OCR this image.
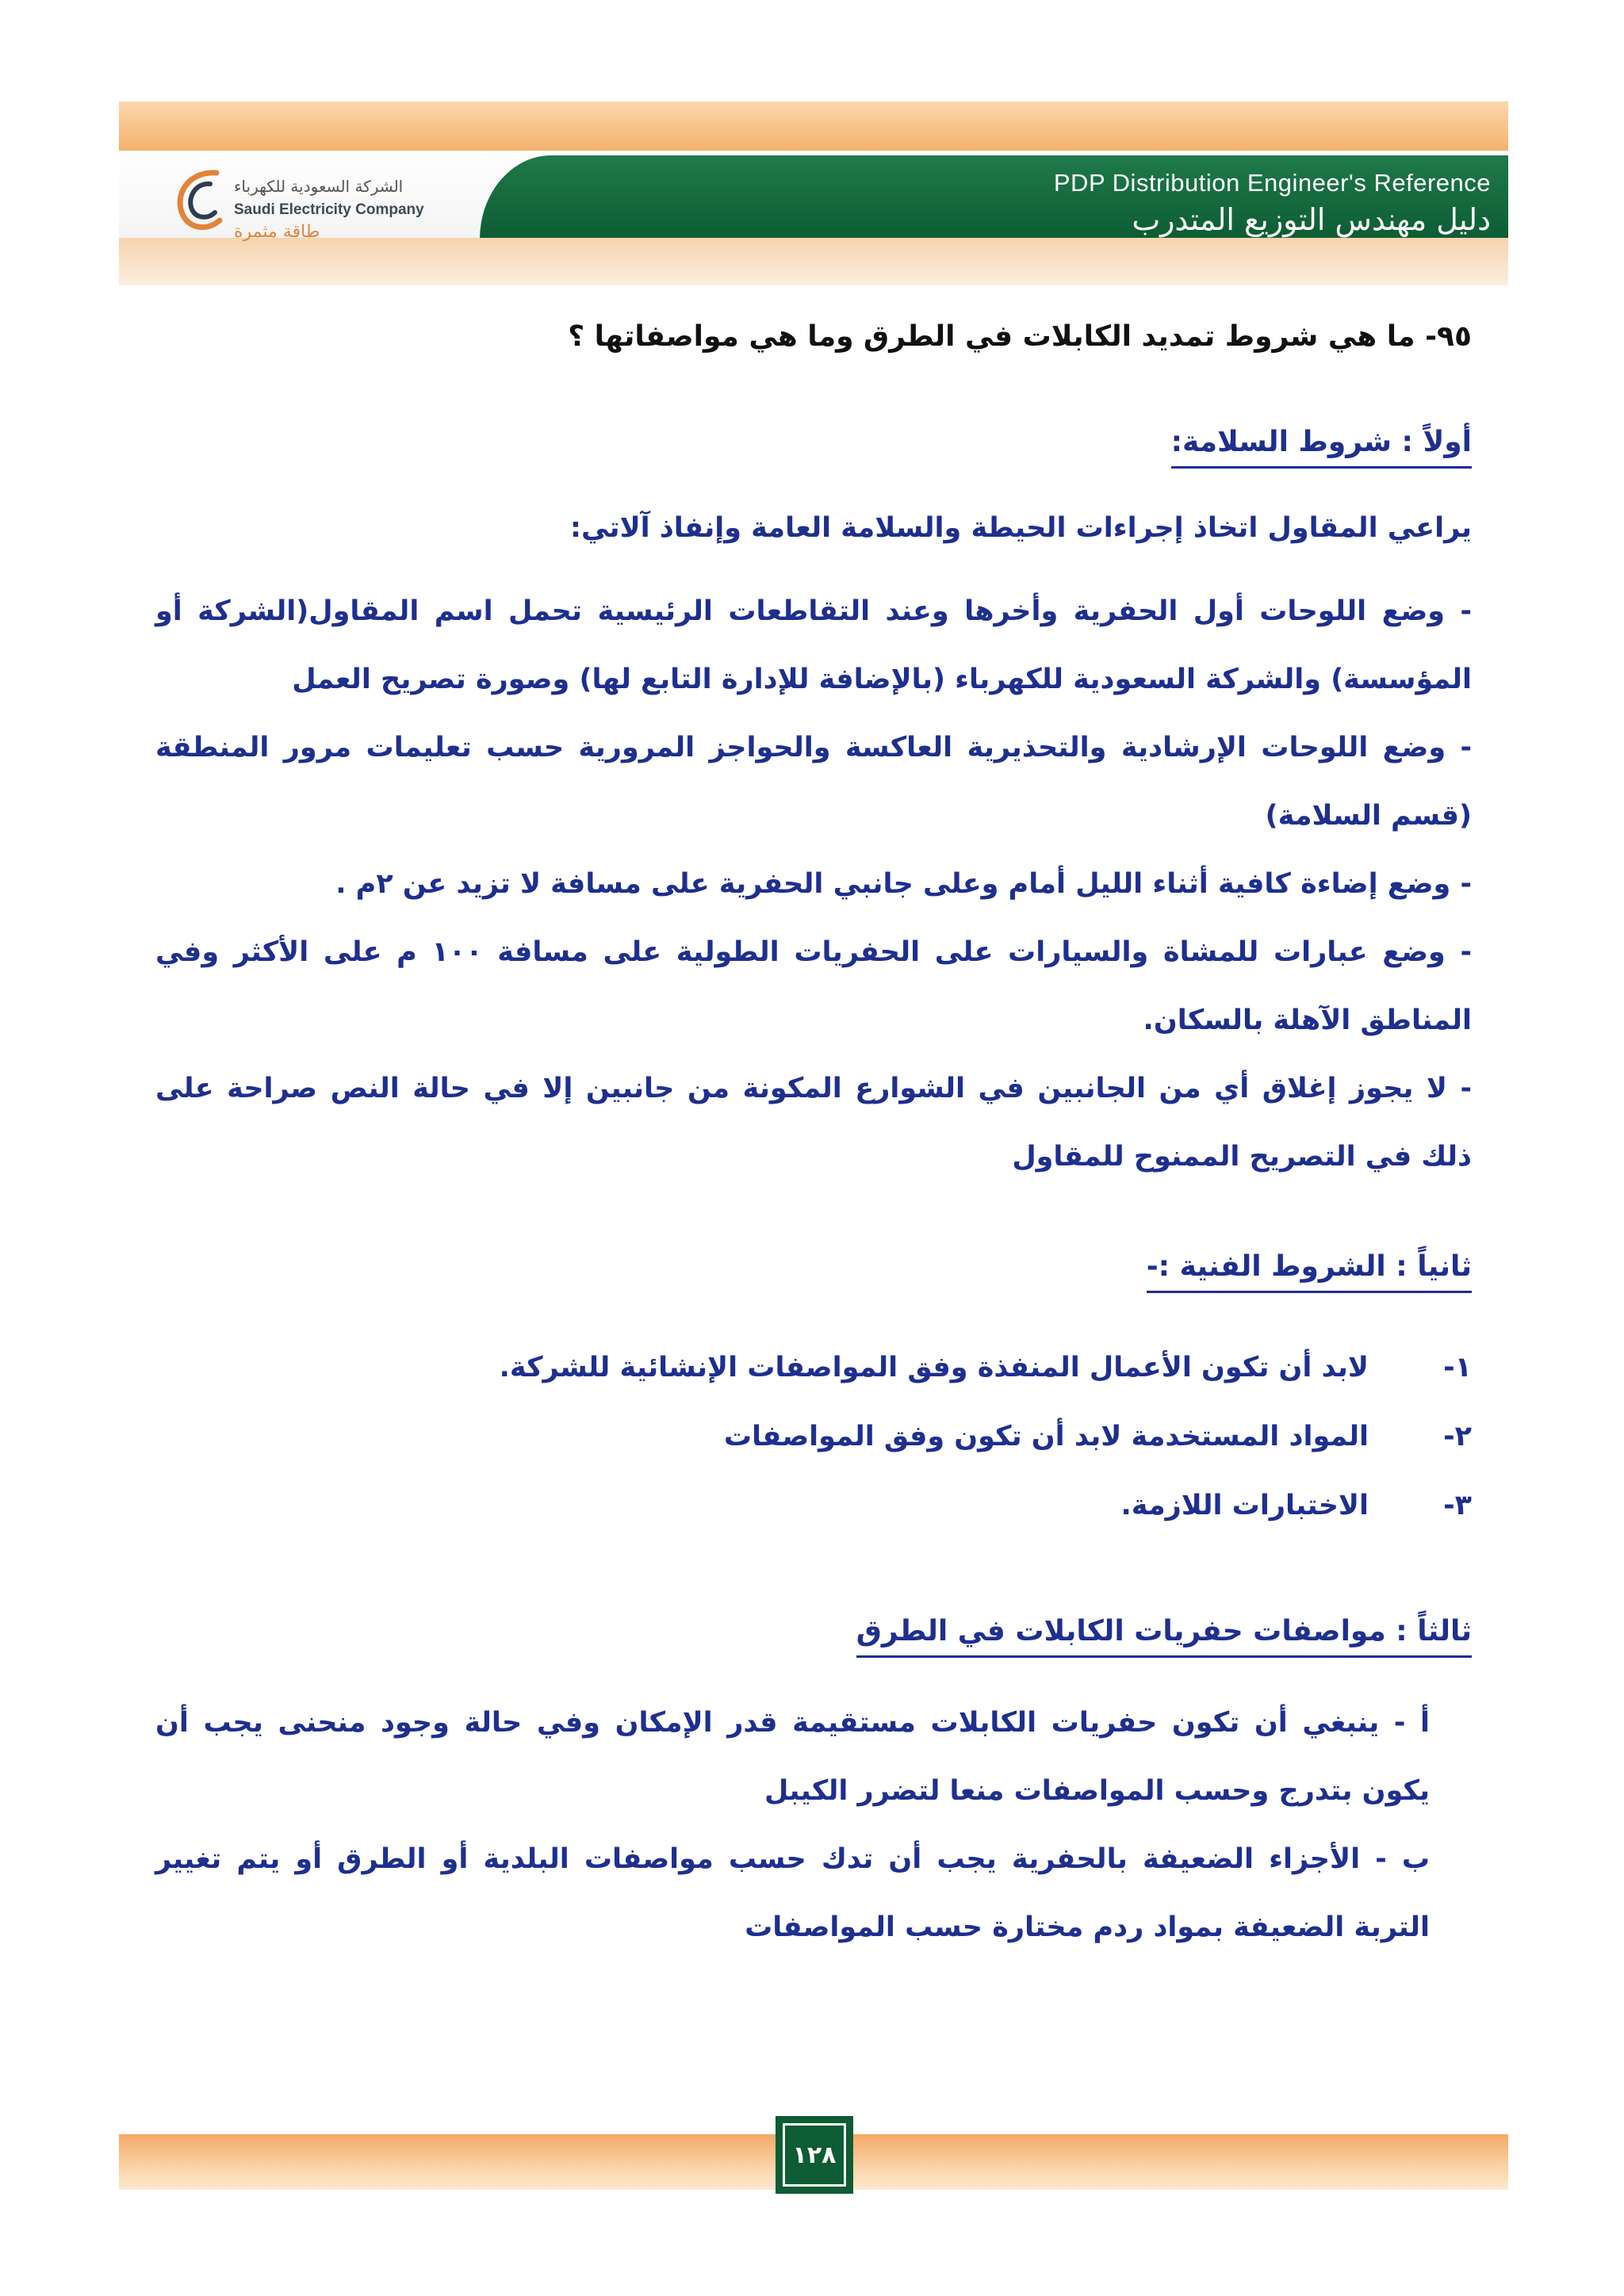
PDP Distribution Engineer's Reference
دليل مهندس التوزيع المتدرب
الشركة السعودية للكهرباء
Saudi Electricity Company
طاقة مثمرة
٩٥- ما هي شروط تمديد الكابلات في الطرق وما هي مواصفاتها ؟
أولاً : شروط السلامة:
يراعي المقاول اتخاذ إجراءات الحيطة والسلامة العامة وإنفاذ آلاتي:
- وضع اللوحات أول الحفرية وأخرها وعند التقاطعات الرئيسية تحمل اسم المقاول(الشركة أو المؤسسة) والشركة السعودية للكهرباء (بالإضافة للإدارة التابع لها) وصورة تصريح العمل
- وضع اللوحات الإرشادية والتحذيرية العاكسة والحواجز المرورية حسب تعليمات مرور المنطقة (قسم السلامة)
- وضع إضاءة كافية أثناء الليل أمام وعلى جانبي الحفرية على مسافة لا تزيد عن ٢م .
- وضع عبارات للمشاة والسيارات على الحفريات الطولية على مسافة ١٠٠ م على الأكثر وفي المناطق الآهلة بالسكان.
- لا يجوز إغلاق أي من الجانبين في الشوارع المكونة من جانبين إلا في حالة النص صراحة على ذلك في التصريح الممنوح للمقاول
ثانياً : الشروط الفنية :-
١-
لابد أن تكون الأعمال المنفذة وفق المواصفات الإنشائية للشركة.
٢-
المواد المستخدمة لابد أن تكون وفق المواصفات
٣-
الاختبارات اللازمة.
ثالثاً : مواصفات حفريات الكابلات في الطرق
أ - ينبغي أن تكون حفريات الكابلات مستقيمة قدر الإمكان وفي حالة وجود منحنى يجب أن يكون بتدرج وحسب المواصفات منعا لتضرر الكيبل
ب - الأجزاء الضعيفة بالحفرية يجب أن تدك حسب مواصفات البلدية أو الطرق أو يتم تغيير التربة الضعيفة بمواد ردم مختارة حسب المواصفات
١٢٨
